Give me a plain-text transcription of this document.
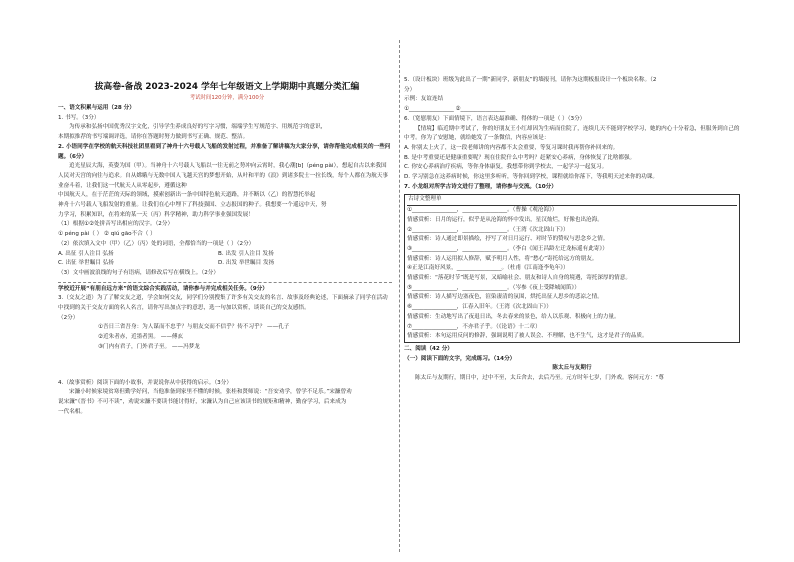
拔高卷-备战 2023-2024 学年七年级语文上学期期中真题分类汇编
考试时间120分钟，满分100分
一、语文积累与运用（28 分）
1. 书写。（3分）
为传承和弘扬中国优秀汉字文化，引导学生养成良好的写字习惯，端端学生写规范字、用规范字的意识，
本期拟推荐的书写端调评选，请你在答题时努力做到书写正确、规范、整洁。
2. 小语同学在学校的航天科技社团里看到了神舟十六号载人飞船的发射过程，并准备了解讲稿为大家分享，请你帮他完成相关的一些问题。（6分）
追光星辰大海，英姿为国（甲）。当神舟十六号载人飞船以一往无前之势冲向云霄时，我心潮[b]（péng pài），想起自古以来我国人民对天宫的向往与追求。自从嫦娥与无数中国人飞越天宫的梦想开始，从叶和平的《浪》到诸多院士一拉长线，每个人都在为航天事业奋斗着，让我们这一代航天人从零起步，遵循这种
中国航天人，在于茫茫的天际的领域，摸索创新出一条中国特色航天道路，并不断以（乙）的智慧托举起
神舟十六号载人飞船发射的重量。让我们在心中埋下了科技强国、立志报国的种子。我想要一个遥远中天，努
力学习，积累知识，在将来的某一天（丙）科学精神，助力科学事业强国发展！
（1）根据①②处拼音写出相应的汉字。（2分）
① péng pài（ ） ② qiú gāo不合（ ）
（2）依次填入文中（甲）（乙）（丙）处的词语，全都恰当的一项是（ ）（2分）
A. 出征 引人注目 弘扬	B. 出发 引人注目 发扬
C. 出征 举世瞩目 弘扬	D. 出发 举世瞩目 发扬
（3）文中画波浪线的句子有语病，请修改后写在横线上。（2分）
学校近开展“有朋自远方来”的语文综合实践活动，请你参与并完成相关任务。（9分）
3.（交友之道）为了了解交友之道，学会如何交友，同学们分别搜集了许多有关交友的名言、故事及经典论述，下面摘录了同学在活动中找到的关于交友方面的名人名言，请你写出加点字的意思，选一句加以赏析，谈谈自己的交友感悟。
（2分）
①吾日三省吾身：为人谋而不忠乎？与朋友交而不信乎？传不习乎？ ——孔子
②近朱者赤，近墨者黑。 ——傅玄
③门内有君子，门外君子至。 ——冯梦龙
4.（故事赏析）阅读下面的小故事，并说说你从中获得的启示。（3分）
宋濂小时候家境贫寒但勤学好问，当他准备到家里不懂的时候，张桂和贤师说：“吾安劝学，曾学不足乐。”宋濂曾劝
说宋濂“《晋书》不可不读”，劝说宋濂不要读书能讨得好，宋濂认为自己应该读书的规矩和精神，勤奋学习，后来成为
一代名相。
5.（设计板块）班级为此出了一期“新同学，新朋友”的墙报刊，请你为这期板报设计一个板块名称。（2
分）
示例：友谊连结
①________________ ②________________
6.（宽慰朋友）下面情境下，语言表达最准确、得体的一项是（ ）（3分）
【情境】临近期中考试了，你的好朋友王小红却因为生病而住院了，连续几天不能到学校学习，她的内心十分着急，但服务到自己的中考。你为了安慰她，就给她发了一条微信，内容应该是：
A. 你别太上火了，这一段老师讲的内容都不太会重要，等复习课时我再帮你补回来的。
B. 是中考重要还是健康重要呢？现在住院什么中考吗？赶紧安心养病，身体恢复了比啥都强。
C. 你安心养病治疗疾病，等你身体康复，我想带你到学校去，一起学习一起复习。
D. 学习别急在这养病时候，你这里多听听，等你回到学校，课程就给你落下，等我明天过来你的功课。
7. 小龙组对所学古诗文进行了整理，请你参与交流。（10分）
古诗文整理单
①________________，________________。（曹操《观沧海》）
情感赏析：日月的运行，似乎是从沧海的怀中发出，星汉灿烂，好像也出沧海。
②________________，________________。（王湾《次北固山下》）
情感赏析：诗人通过即景描绘，抒写了对日月运行、对时节的赞叹与思念乡之情。
③________________，________________。（李白《闻王昌龄左迁龙标遥有此寄》）
情感赏析：诗人运用拟人修辞，赋予明月人性，将“愁心”寄托给远方的朋友。
④正是江南好风景，________________。（杜甫《江南逢李龟年》）
情感赏析：“落花时节”既是写景，又暗喻社会、朋友和诗人自身的境遇，寄托深厚的情意。
⑤________________，________________。（岑参《夜上受降城闻笛》）
情感赏析：诗人描写边塞夜色，渲染凄清的氛围，烘托出征人思乡的悲凉之情。
⑥________________，江春入旧年。（王湾《次北固山下》）
情感赏析：生动地写出了夜退日出，冬去春来的景色，给人以乐观、积极向上的力量。
⑦________________，不亦君子乎。（《论语》十二章）
情感赏析：本句运用反问的修辞，强调说明了被人误会、不理解，也不生气，这才是君子的品质。
二、阅读（42 分）
（一）阅读下面的文字，完成练习。（14分）
陈太丘与友期行
陈太丘与友期行，期日中，过中不至，太丘舍去，去后乃至。元方时年七岁，门外戏。客问元方：“尊
